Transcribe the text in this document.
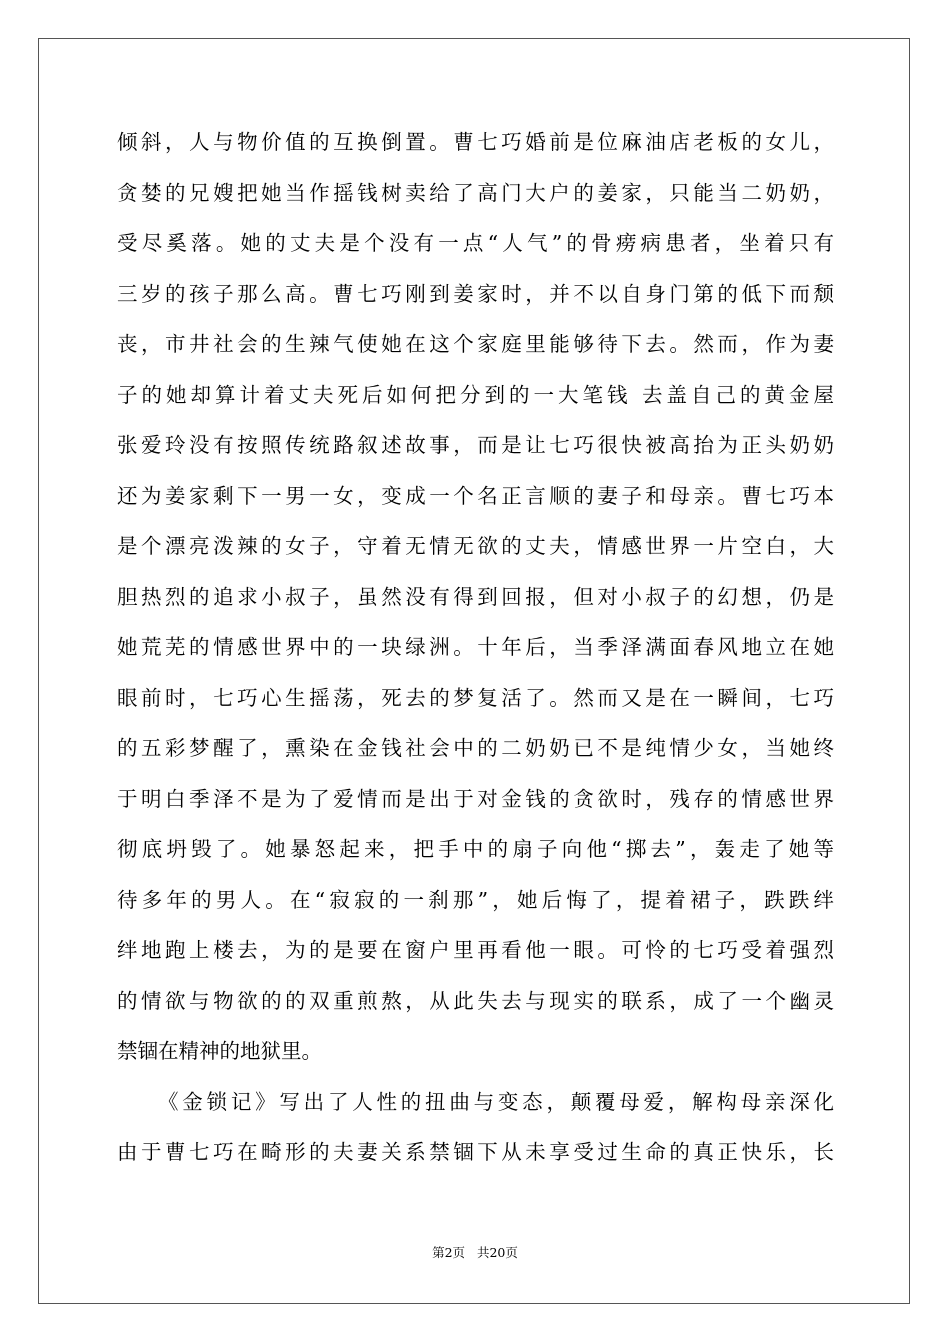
倾斜，人与物价值的互换倒置。曹七巧婚前是位麻油店老板的女儿，
贪婪的兄嫂把她当作摇钱树卖给了高门大户的姜家，只能当二奶奶，
受尽奚落。她的丈夫是个没有一点“人气”的骨痨病患者，坐着只有
三岁的孩子那么高。曹七巧刚到姜家时，并不以自身门第的低下而颓
丧，市井社会的生辣气使她在这个家庭里能够待下去。然而，作为妻
子的她却算计着丈夫死后如何把分到的一大笔钱 去盖自己的黄金屋
张爱玲没有按照传统路叙述故事，而是让七巧很快被高抬为正头奶奶
还为姜家剩下一男一女，变成一个名正言顺的妻子和母亲。曹七巧本
是个漂亮泼辣的女子，守着无情无欲的丈夫，情感世界一片空白，大
胆热烈的追求小叔子，虽然没有得到回报，但对小叔子的幻想，仍是
她荒芜的情感世界中的一块绿洲。十年后，当季泽满面春风地立在她
眼前时，七巧心生摇荡，死去的梦复活了。然而又是在一瞬间，七巧
的五彩梦醒了，熏染在金钱社会中的二奶奶已不是纯情少女，当她终
于明白季泽不是为了爱情而是出于对金钱的贪欲时，残存的情感世界
彻底坍毁了。她暴怒起来，把手中的扇子向他“掷去”，轰走了她等
待多年的男人。在“寂寂的一刹那”，她后悔了，提着裙子，跌跌绊
绊地跑上楼去，为的是要在窗户里再看他一眼。可怜的七巧受着强烈
的情欲与物欲的的双重煎熬，从此失去与现实的联系，成了一个幽灵
禁锢在精神的地狱里。
《金锁记》写出了人性的扭曲与变态，颠覆母爱，解构母亲深化
由于曹七巧在畸形的夫妻关系禁锢下从未享受过生命的真正快乐，长
第2页 共20页
